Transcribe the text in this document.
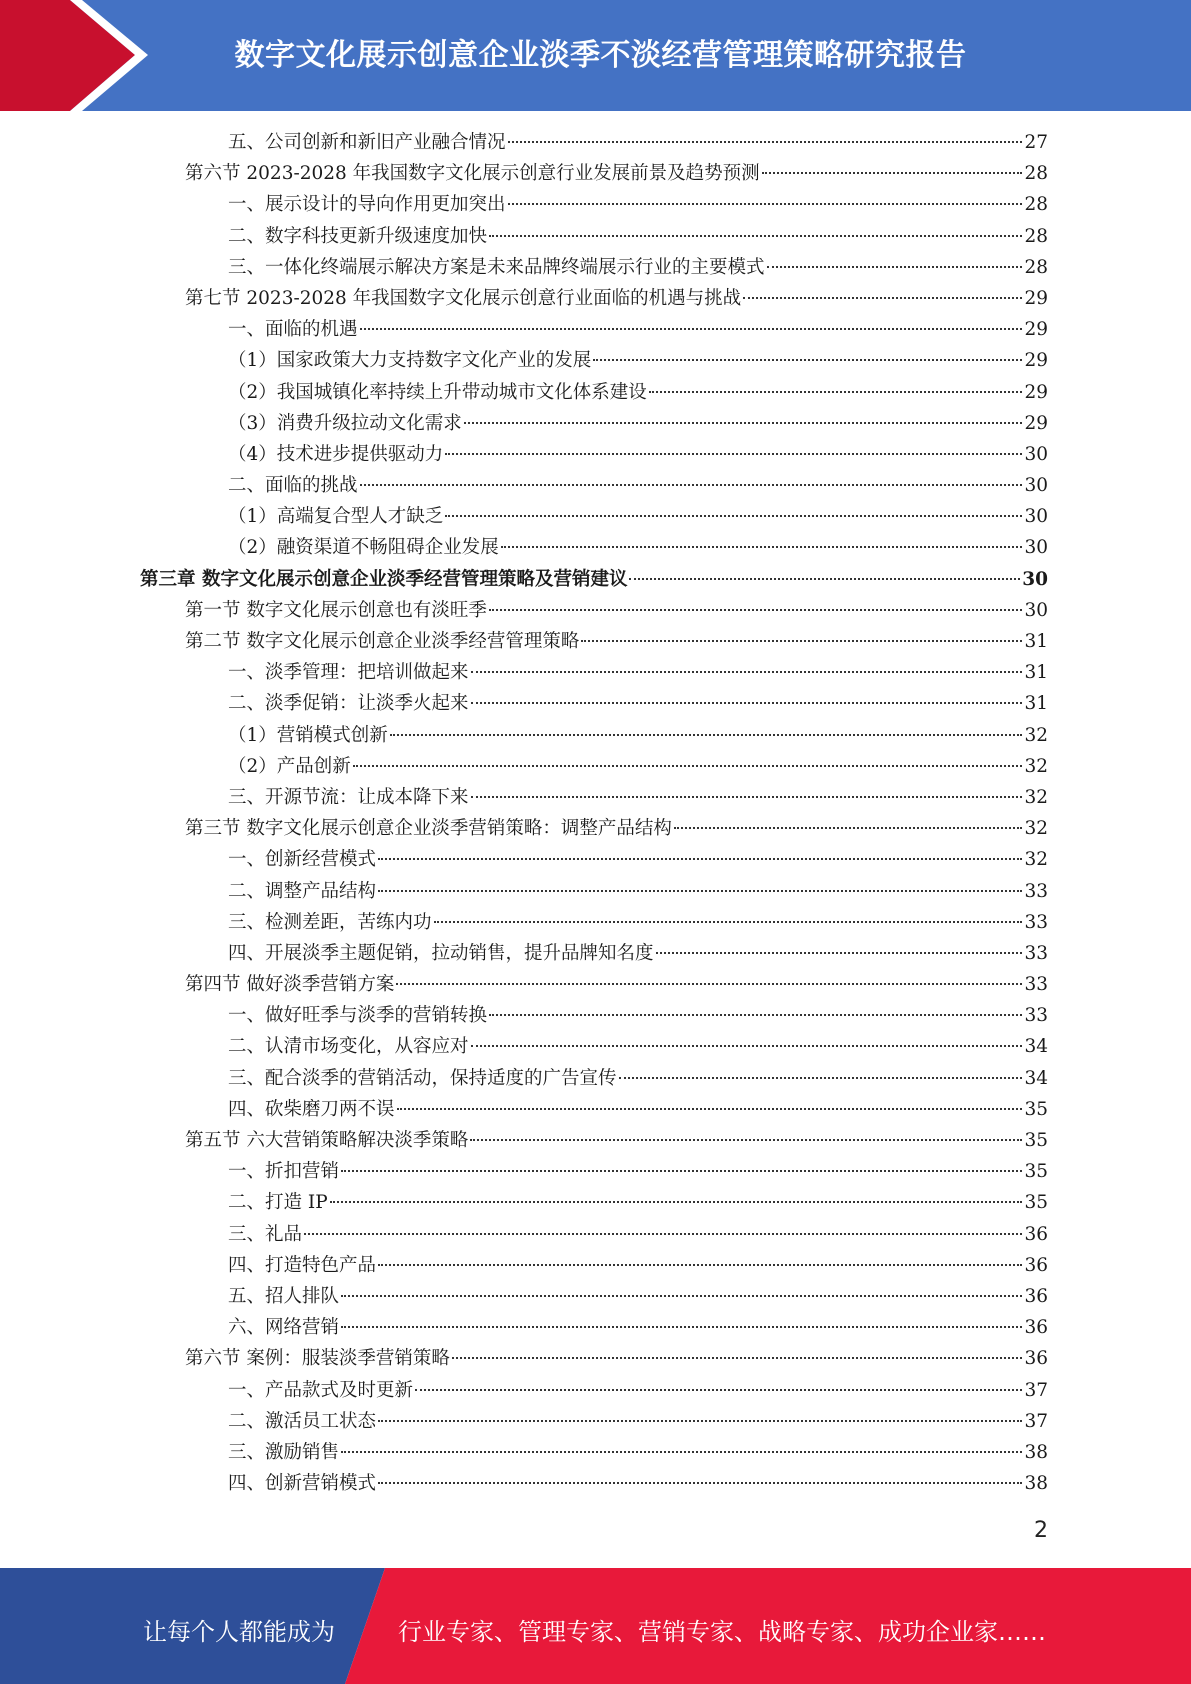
数字文化展示创意企业淡季不淡经营管理策略研究报告
五、公司创新和新旧产业融合情况	27
第六节 2023-2028 年我国数字文化展示创意行业发展前景及趋势预测	28
一、展示设计的导向作用更加突出	28
二、数字科技更新升级速度加快	28
三、一体化终端展示解决方案是未来品牌终端展示行业的主要模式	28
第七节 2023-2028 年我国数字文化展示创意行业面临的机遇与挑战	29
一、面临的机遇	29
（1）国家政策大力支持数字文化产业的发展	29
（2）我国城镇化率持续上升带动城市文化体系建设	29
（3）消费升级拉动文化需求	29
（4）技术进步提供驱动力	30
二、面临的挑战	30
（1）高端复合型人才缺乏	30
（2）融资渠道不畅阻碍企业发展	30
第三章 数字文化展示创意企业淡季经营管理策略及营销建议	30
第一节 数字文化展示创意也有淡旺季	30
第二节 数字文化展示创意企业淡季经营管理策略	31
一、淡季管理：把培训做起来	31
二、淡季促销：让淡季火起来	31
（1）营销模式创新	32
（2）产品创新	32
三、开源节流：让成本降下来	32
第三节 数字文化展示创意企业淡季营销策略：调整产品结构	32
一、创新经营模式	32
二、调整产品结构	33
三、检测差距，苦练内功	33
四、开展淡季主题促销，拉动销售，提升品牌知名度	33
第四节 做好淡季营销方案	33
一、做好旺季与淡季的营销转换	33
二、认清市场变化，从容应对	34
三、配合淡季的营销活动，保持适度的广告宣传	34
四、砍柴磨刀两不误	35
第五节 六大营销策略解决淡季策略	35
一、折扣营销	35
二、打造 IP	35
三、礼品	36
四、打造特色产品	36
五、招人排队	36
六、网络营销	36
第六节 案例：服装淡季营销策略	36
一、产品款式及时更新	37
二、激活员工状态	37
三、激励销售	38
四、创新营销模式	38
2
让每个人都能成为	行业专家、管理专家、营销专家、战略专家、成功企业家……
